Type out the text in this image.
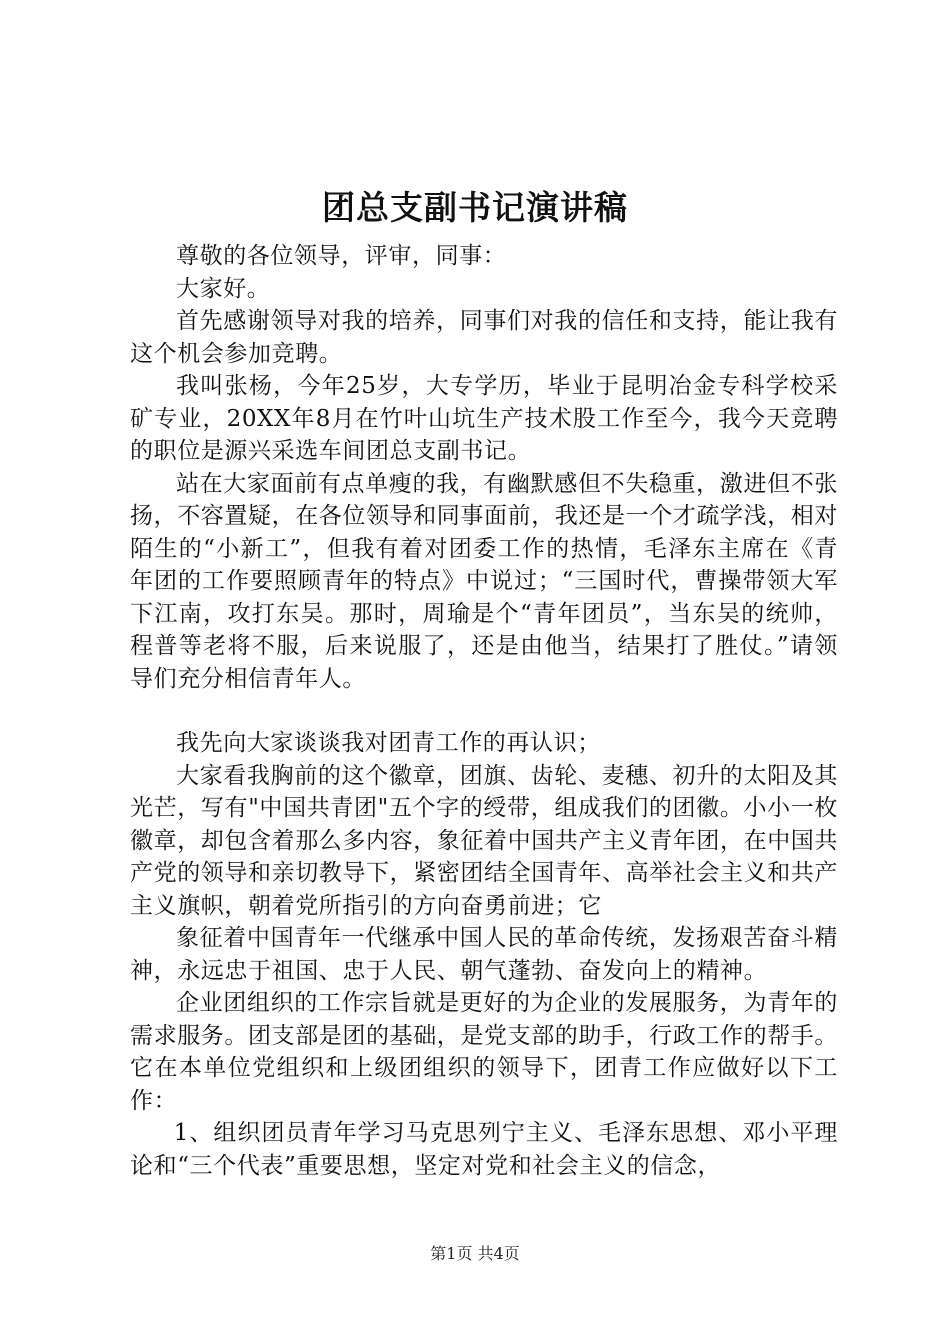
团总支副书记演讲稿

尊敬的各位领导，评审，同事：

大家好。

首先感谢领导对我的培养，同事们对我的信任和支持，能让我有这个机会参加竞聘。

我叫张杨，今年25岁，大专学历，毕业于昆明冶金专科学校采矿专业，20XX年8月在竹叶山坑生产技术股工作至今，我今天竞聘的职位是源兴采选车间团总支副书记。

站在大家面前有点单瘦的我，有幽默感但不失稳重，激进但不张扬，不容置疑，在各位领导和同事面前，我还是一个才疏学浅，相对陌生的“小新工”，但我有着对团委工作的热情，毛泽东主席在《青年团的工作要照顾青年的特点》中说过；“三国时代，曹操带领大军下江南，攻打东吴。那时，周瑜是个“青年团员”，当东吴的统帅，程普等老将不服，后来说服了，还是由他当，结果打了胜仗。”请领导们充分相信青年人。

我先向大家谈谈我对团青工作的再认识；

大家看我胸前的这个徽章，团旗、齿轮、麦穗、初升的太阳及其光芒，写有"中国共青团"五个字的绶带，组成我们的团徽。小小一枚徽章，却包含着那么多内容，象征着中国共产主义青年团，在中国共产党的领导和亲切教导下，紧密团结全国青年、高举社会主义和共产主义旗帜，朝着党所指引的方向奋勇前进；它

象征着中国青年一代继承中国人民的革命传统，发扬艰苦奋斗精神，永远忠于祖国、忠于人民、朝气蓬勃、奋发向上的精神。

企业团组织的工作宗旨就是更好的为企业的发展服务，为青年的需求服务。团支部是团的基础，是党支部的助手，行政工作的帮手。它在本单位党组织和上级团组织的领导下，团青工作应做好以下工作：

1、组织团员青年学习马克思列宁主义、毛泽东思想、邓小平理论和“三个代表”重要思想，坚定对党和社会主义的信念，

第1页 共4页
